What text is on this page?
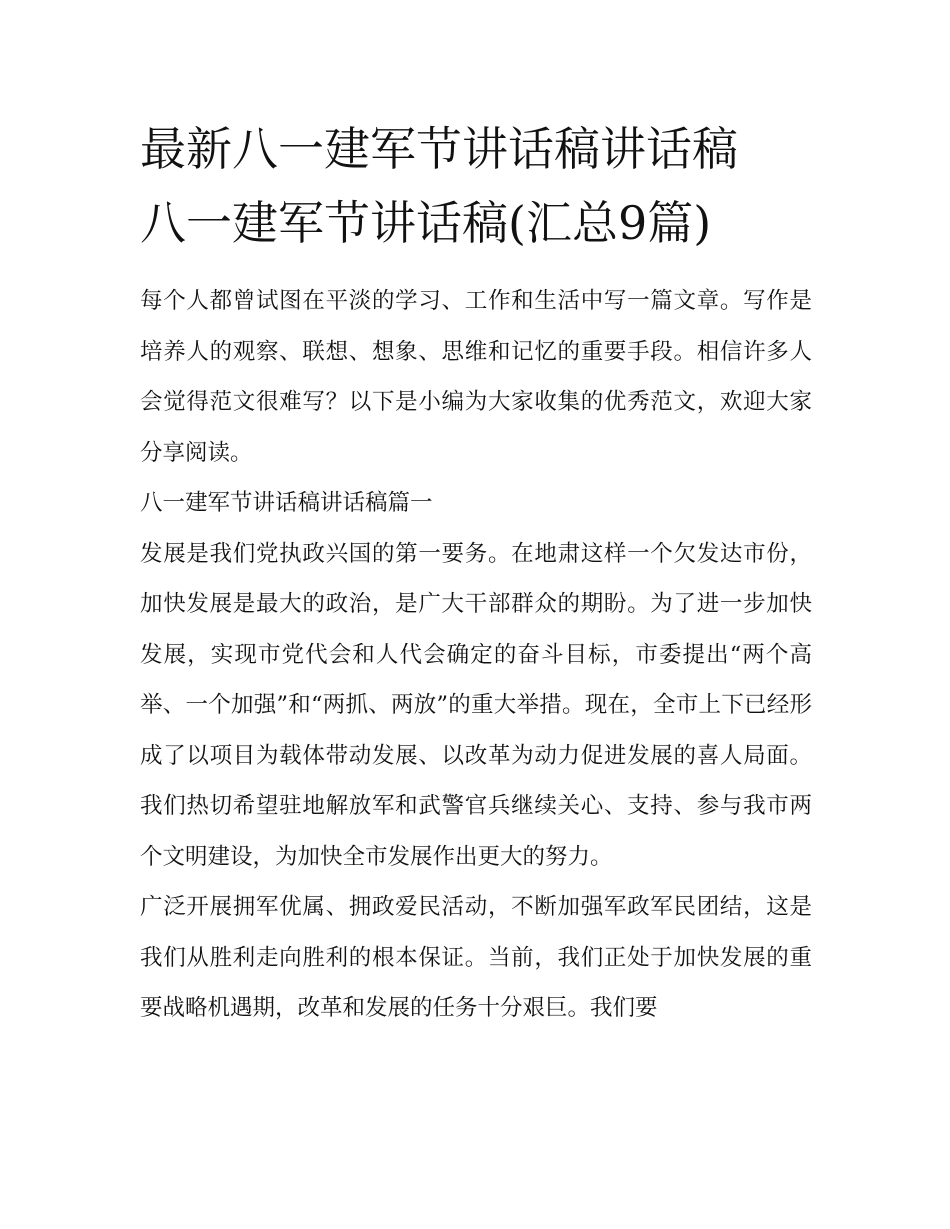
最新八一建军节讲话稿讲话稿
八一建军节讲话稿(汇总9篇)

每个人都曾试图在平淡的学习、工作和生活中写一篇文章。写作是培养人的观察、联想、想象、思维和记忆的重要手段。相信许多人会觉得范文很难写？以下是小编为大家收集的优秀范文，欢迎大家分享阅读。

八一建军节讲话稿讲话稿篇一

发展是我们党执政兴国的第一要务。在地肃这样一个欠发达市份，加快发展是最大的政治，是广大干部群众的期盼。为了进一步加快发展，实现市党代会和人代会确定的奋斗目标，市委提出“两个高举、一个加强”和“两抓、两放”的重大举措。现在，全市上下已经形成了以项目为载体带动发展、以改革为动力促进发展的喜人局面。我们热切希望驻地解放军和武警官兵继续关心、支持、参与我市两个文明建设，为加快全市发展作出更大的努力。

广泛开展拥军优属、拥政爱民活动，不断加强军政军民团结，这是我们从胜利走向胜利的根本保证。当前，我们正处于加快发展的重要战略机遇期，改革和发展的任务十分艰巨。我们要
